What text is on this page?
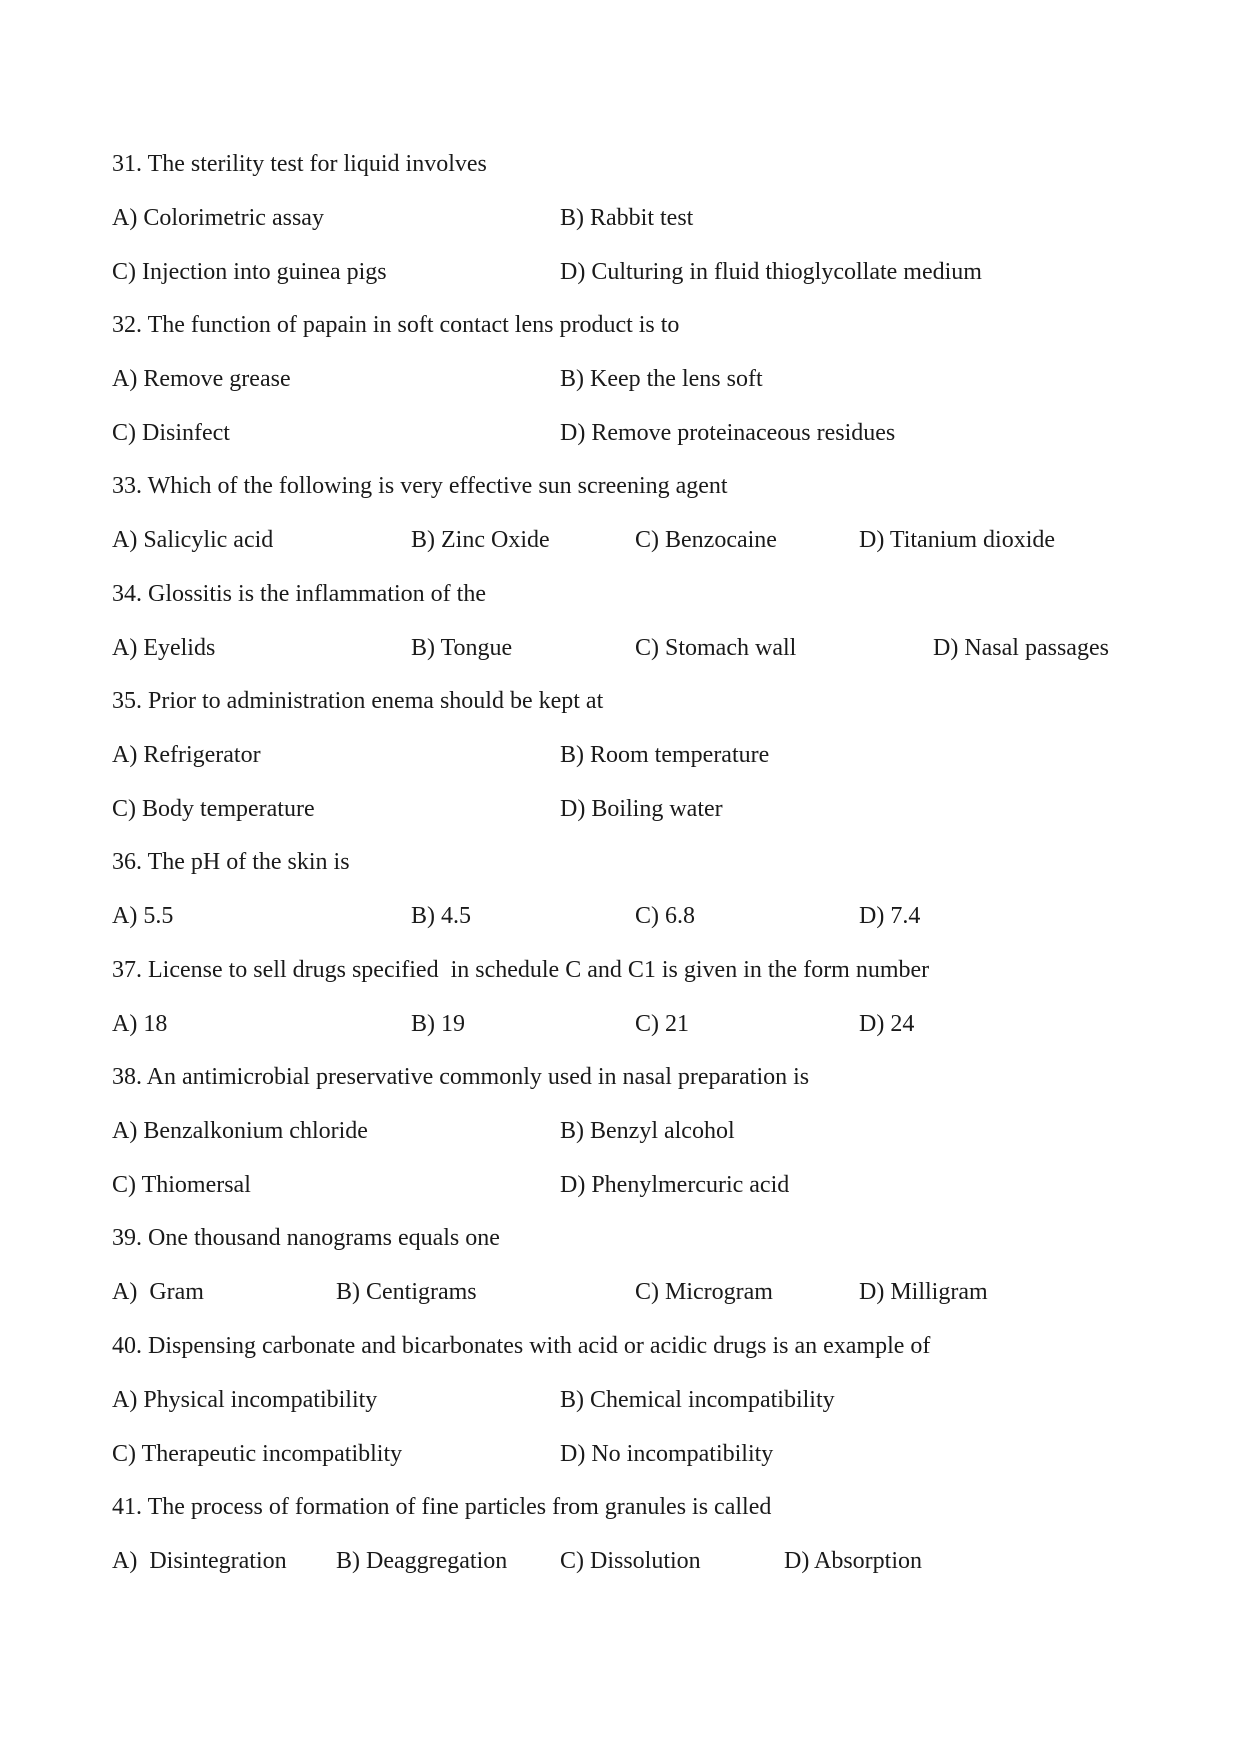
31. The sterility test for liquid involves
A) Colorimetric assay	B) Rabbit test
C) Injection into guinea pigs	D) Culturing in fluid thioglycollate medium
32. The function of papain in soft contact lens product is to
A) Remove grease	B) Keep the lens soft
C) Disinfect	D) Remove proteinaceous residues
33. Which of the following is very effective sun screening agent
A) Salicylic acid	B) Zinc Oxide	C) Benzocaine	D) Titanium dioxide
34. Glossitis is the inflammation of the
A) Eyelids	B) Tongue	C) Stomach wall	D) Nasal passages
35. Prior to administration enema should be kept at
A) Refrigerator	B) Room temperature
C) Body temperature	D) Boiling water
36. The pH of the skin is
A) 5.5	B) 4.5	C) 6.8	D) 7.4
37. License to sell drugs specified  in schedule C and C1 is given in the form number
A) 18	B) 19	C) 21	D) 24
38. An antimicrobial preservative commonly used in nasal preparation is
A) Benzalkonium chloride	B) Benzyl alcohol
C) Thiomersal	D) Phenylmercuric acid
39. One thousand nanograms equals one
A)  Gram	B) Centigrams	C) Microgram	D) Milligram
40. Dispensing carbonate and bicarbonates with acid or acidic drugs is an example of
A) Physical incompatibility	B) Chemical incompatibility
C) Therapeutic incompatiblity	D) No incompatibility
41. The process of formation of fine particles from granules is called
A)  Disintegration B) Deaggregation C) Dissolution	D) Absorption
